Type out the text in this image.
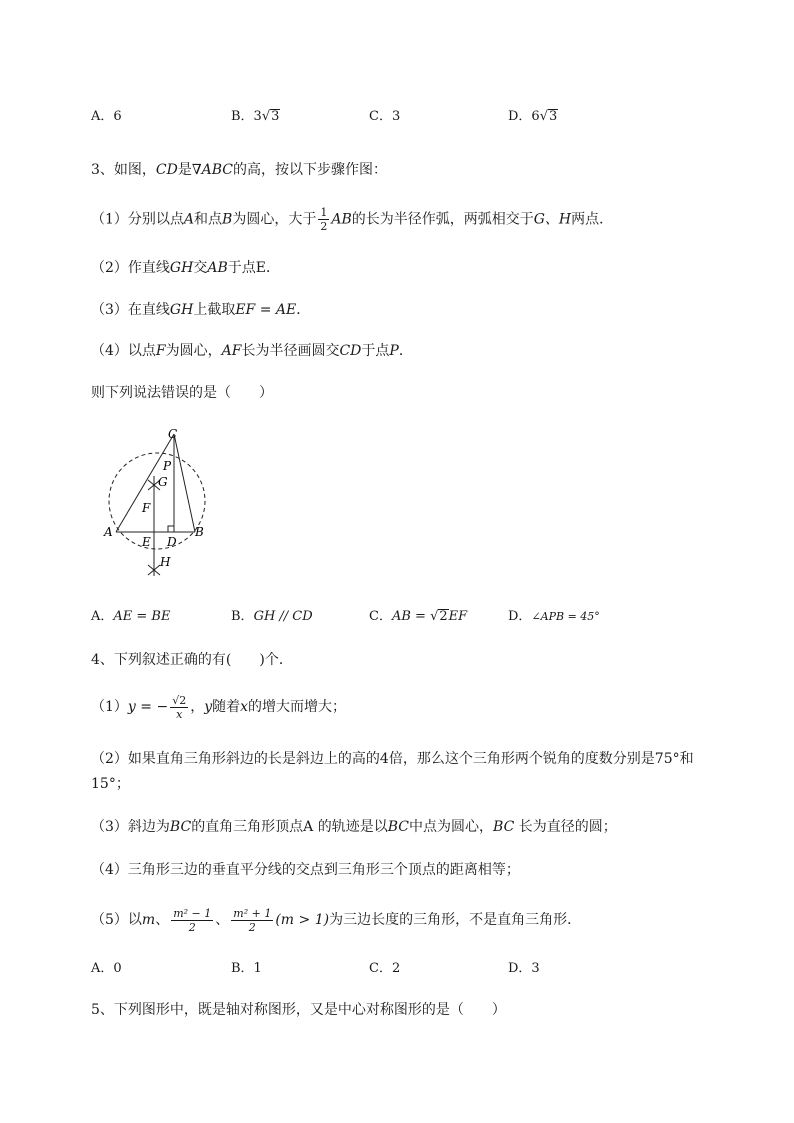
A．6	B．3√3	C．3	D．6√3
3、如图，CD是∇ABC的高，按以下步骤作图：
（1）分别以点A和点B为圆心，大于 $\frac{1}{2}$ AB的长为半径作弧，两弧相交于G、H两点．
（2）作直线GH交AB于点E．
（3）在直线GH上截取EF = AE．
（4）以点F为圆心，AF长为半径画圆交CD于点P．
则下列说法错误的是（　　）
C
P
G
F
A
E D
B
H
A．AE = BE	B．GH // CD	C．AB = √2EF	D．∠APB = 45°
4、下列叙述正确的有(　　)个．
（1）y = − $\frac{√2}{x}$ ，y随着x的增大而增大；
（2）如果直角三角形斜边的长是斜边上的高的4倍，那么这个三角形两个锐角的度数分别是75°和
15°；
（3）斜边为BC的直角三角形顶点A 的轨迹是以BC中点为圆心，BC 长为直径的圆；
（4）三角形三边的垂直平分线的交点到三角形三个顶点的距离相等；
（5）以m、 $\frac{\text{m² − 1}}{2}$ 、 $\frac{\text{m² + 1}}{2} (m > 1)$为三边长度的三角形，不是直角三角形．
A．0	B．1	C．2	D．3
5、下列图形中，既是轴对称图形，又是中心对称图形的是（　　）
